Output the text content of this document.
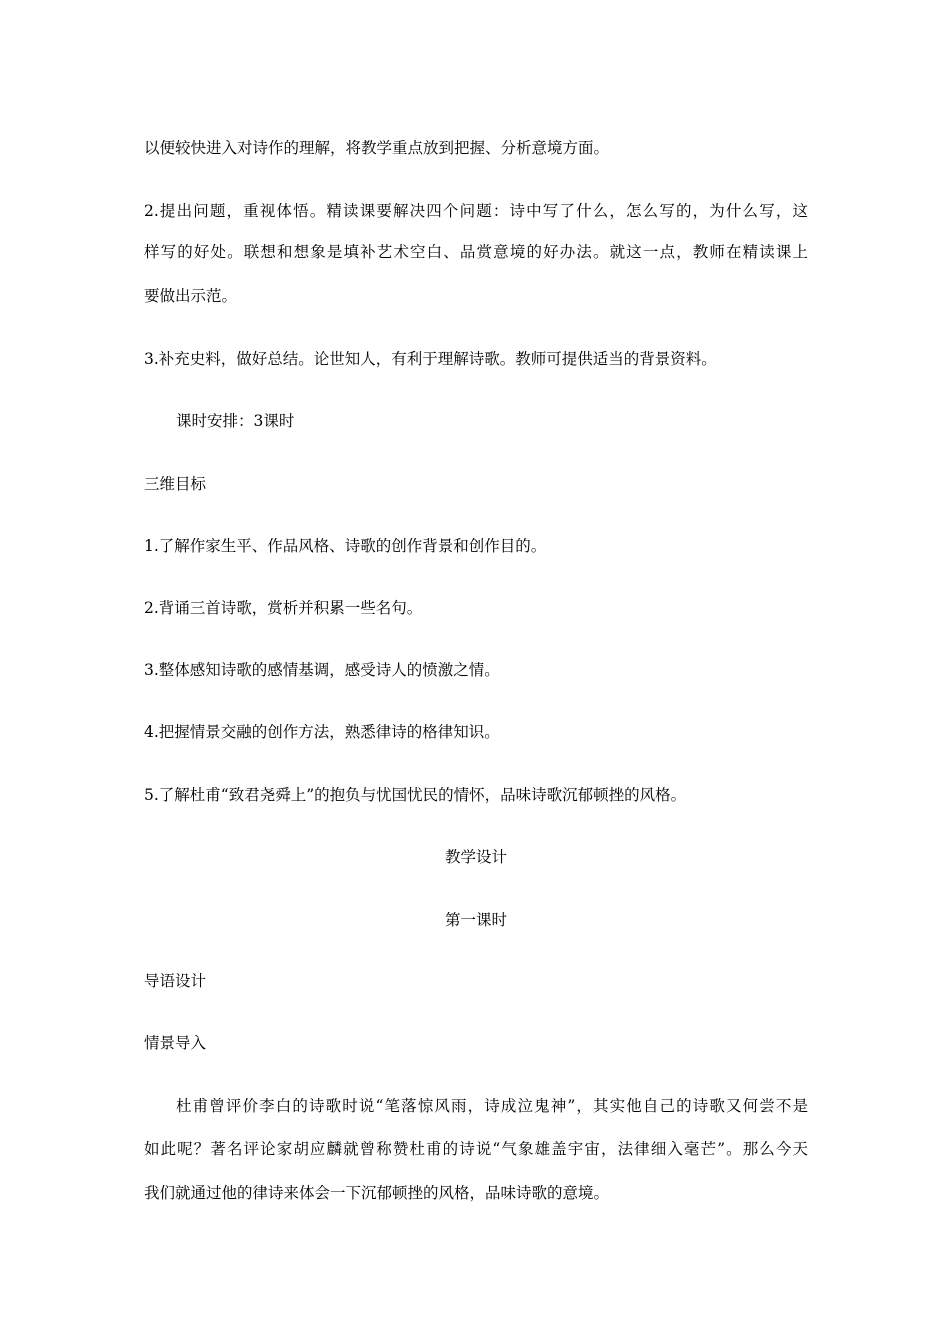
以便较快进入对诗作的理解，将教学重点放到把握、分析意境方面。
2.提出问题，重视体悟。精读课要解决四个问题：诗中写了什么，怎么写的，为什么写，这
样写的好处。联想和想象是填补艺术空白、品赏意境的好办法。就这一点，教师在精读课上
要做出示范。
3.补充史料，做好总结。论世知人，有利于理解诗歌。教师可提供适当的背景资料。
课时安排：3课时
三维目标
1.了解作家生平、作品风格、诗歌的创作背景和创作目的。
2.背诵三首诗歌，赏析并积累一些名句。
3.整体感知诗歌的感情基调，感受诗人的愤激之情。
4.把握情景交融的创作方法，熟悉律诗的格律知识。
5.了解杜甫“致君尧舜上”的抱负与忧国忧民的情怀，品味诗歌沉郁顿挫的风格。
教学设计
第一课时
导语设计
情景导入
杜甫曾评价李白的诗歌时说“笔落惊风雨，诗成泣鬼神”，其实他自己的诗歌又何尝不是
如此呢？著名评论家胡应麟就曾称赞杜甫的诗说“气象雄盖宇宙，法律细入毫芒”。那么今天
我们就通过他的律诗来体会一下沉郁顿挫的风格，品味诗歌的意境。
